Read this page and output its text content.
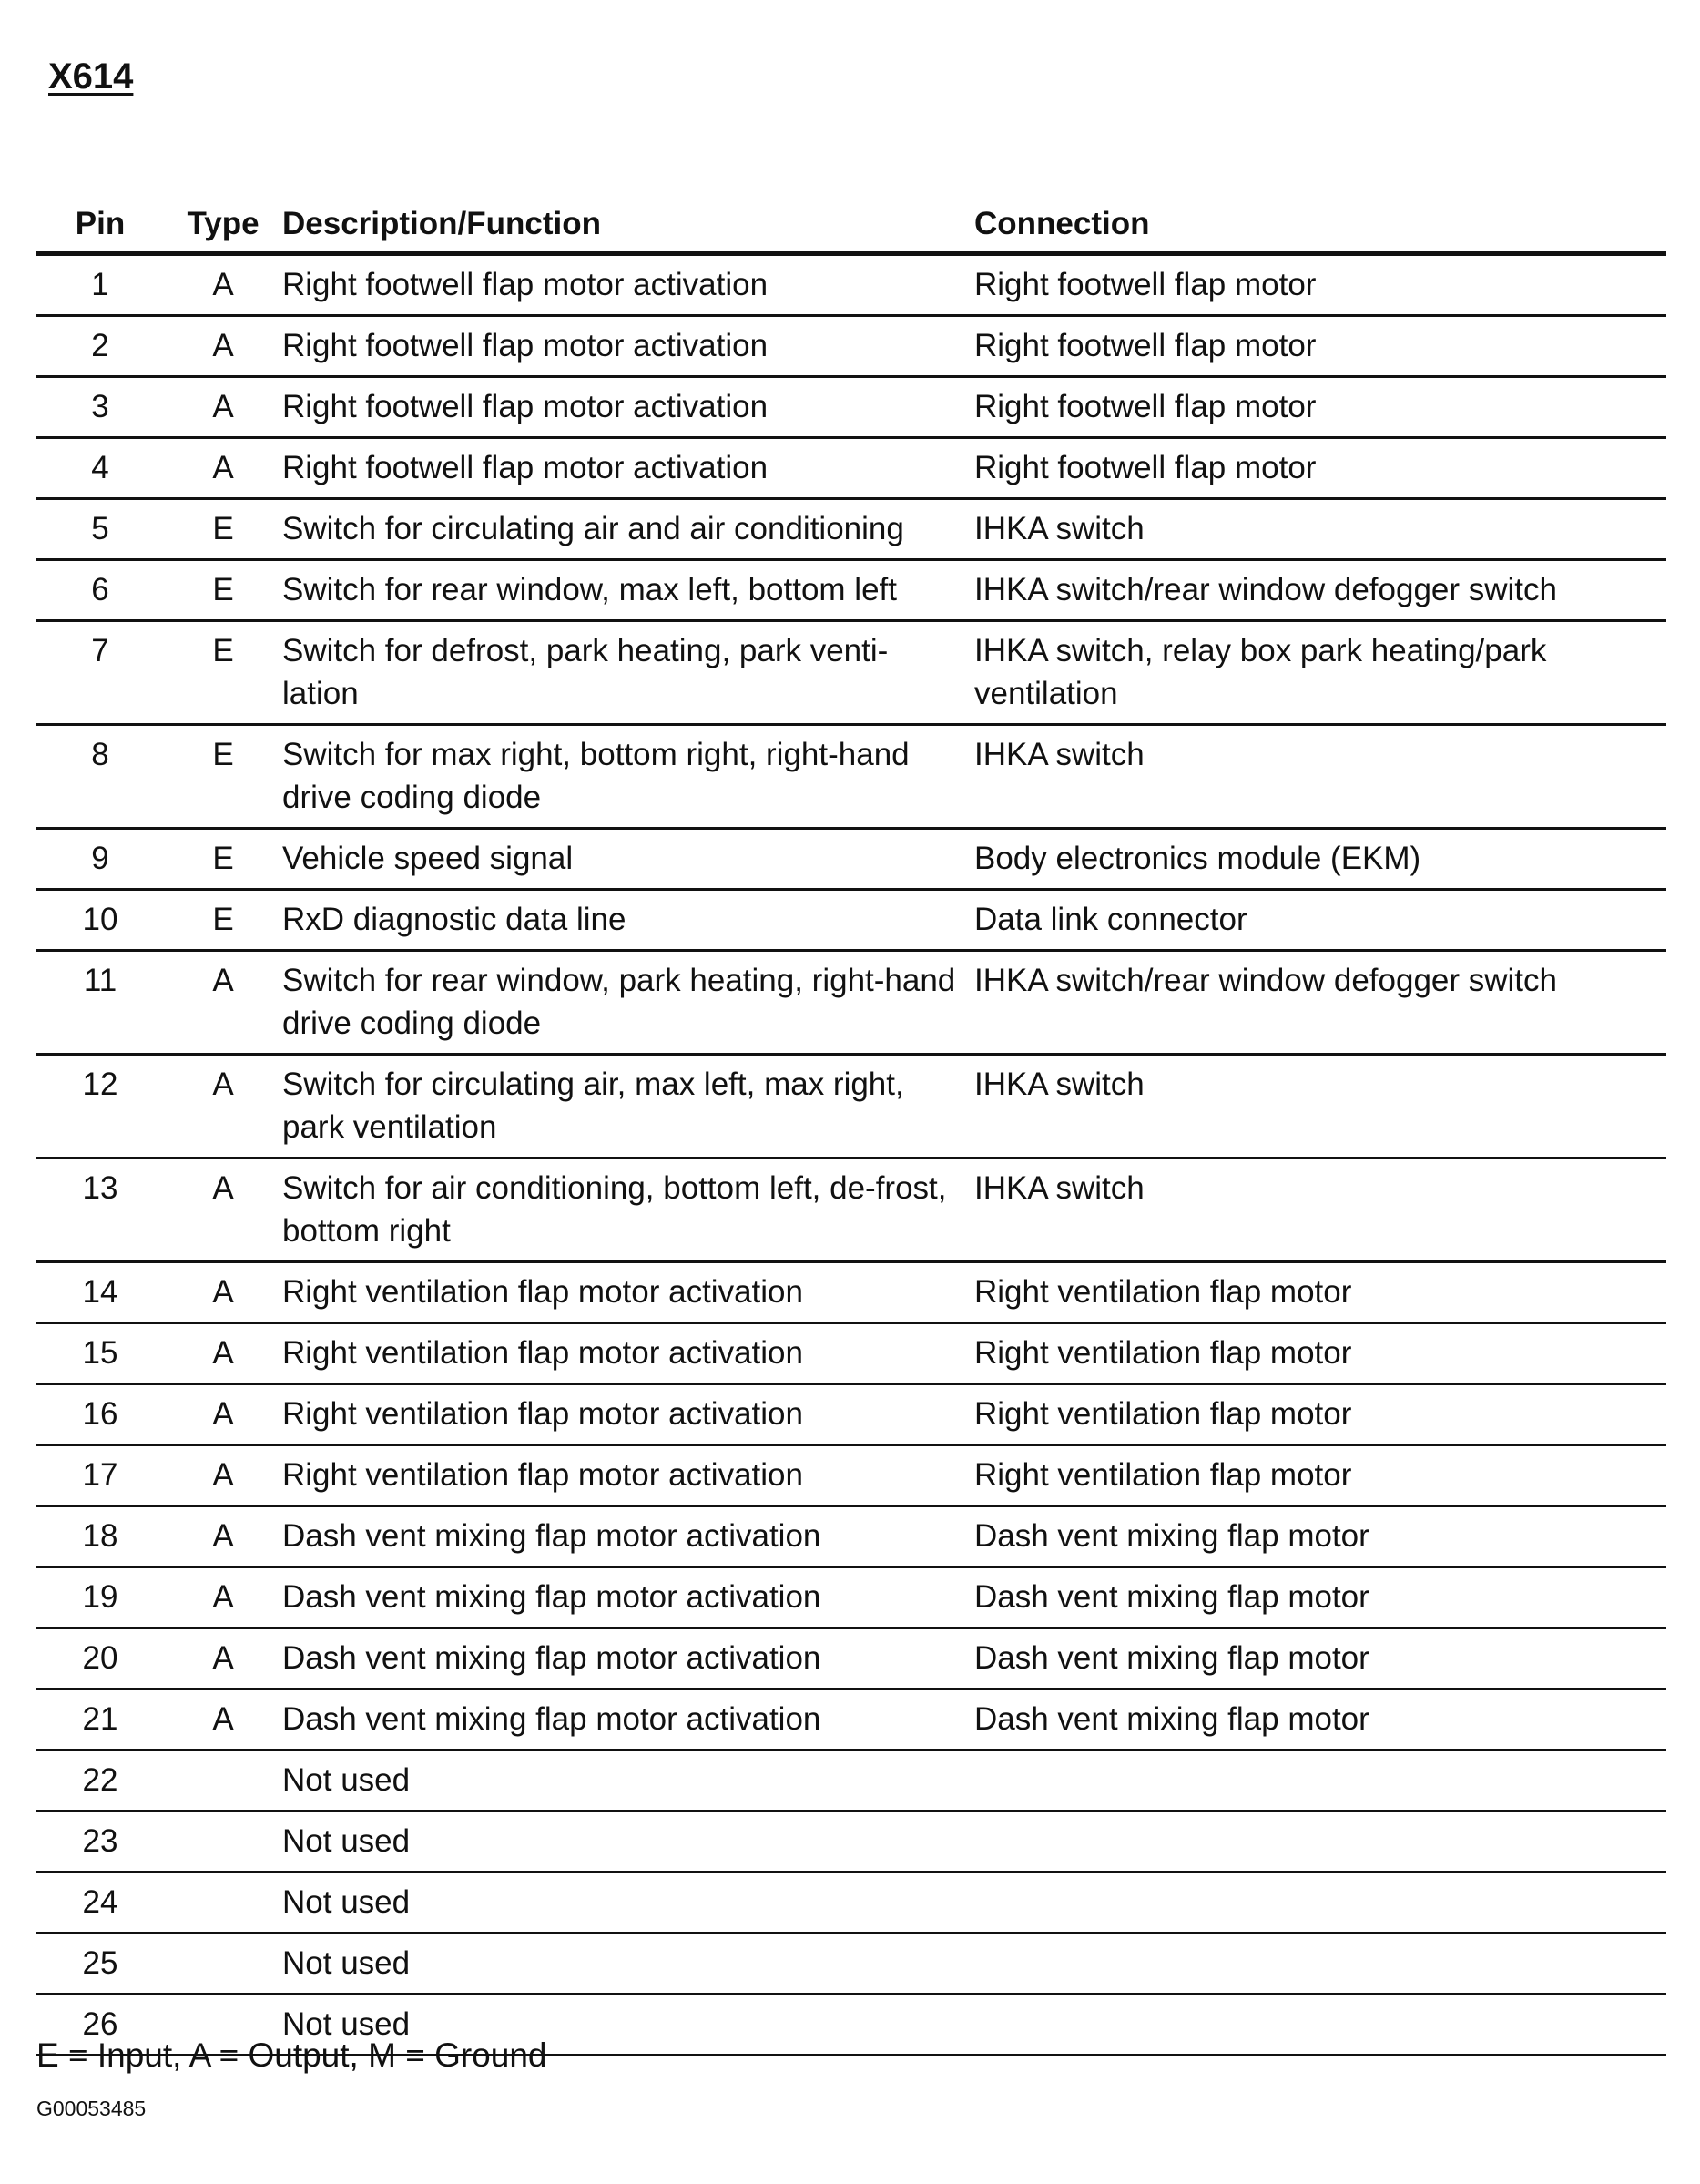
X614
Pin	Type	Description/Function	Connection
1	A	Right footwell flap motor activation	Right footwell flap motor
2	A	Right footwell flap motor activation	Right footwell flap motor
3	A	Right footwell flap motor activation	Right footwell flap motor
4	A	Right footwell flap motor activation	Right footwell flap motor
5	E	Switch for circulating air and air conditioning	IHKA switch
6	E	Switch for rear window, max left, bottom left	IHKA switch/rear window defogger switch
7	E	Switch for defrost, park heating, park venti-lation	IHKA switch, relay box park heating/park ventilation
8	E	Switch for max right, bottom right, right-hand drive coding diode	IHKA switch
9	E	Vehicle speed signal	Body electronics module (EKM)
10	E	RxD diagnostic data line	Data link connector
11	A	Switch for rear window, park heating, right-hand drive coding diode	IHKA switch/rear window defogger switch
12	A	Switch for circulating air, max left, max right, park ventilation	IHKA switch
13	A	Switch for air conditioning, bottom left, de-frost, bottom right	IHKA switch
14	A	Right ventilation flap motor activation	Right ventilation flap motor
15	A	Right ventilation flap motor activation	Right ventilation flap motor
16	A	Right ventilation flap motor activation	Right ventilation flap motor
17	A	Right ventilation flap motor activation	Right ventilation flap motor
18	A	Dash vent mixing flap motor activation	Dash vent mixing flap motor
19	A	Dash vent mixing flap motor activation	Dash vent mixing flap motor
20	A	Dash vent mixing flap motor activation	Dash vent mixing flap motor
21	A	Dash vent mixing flap motor activation	Dash vent mixing flap motor
22		Not used	
23		Not used	
24		Not used	
25		Not used	
26		Not used	
E = Input, A = Output, M = Ground
G00053485
